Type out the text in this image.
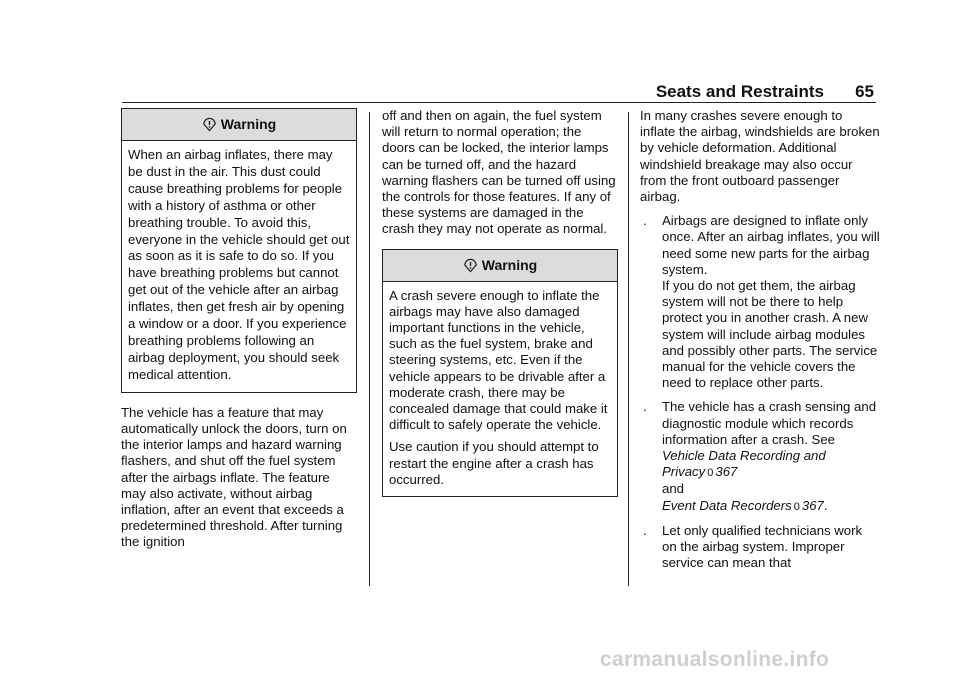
Seats and Restraints 65
Warning

When an airbag inflates, there may be dust in the air. This dust could cause breathing problems for people with a history of asthma or other breathing trouble. To avoid this, everyone in the vehicle should get out as soon as it is safe to do so. If you have breathing problems but cannot get out of the vehicle after an airbag inflates, then get fresh air by opening a window or a door. If you experience breathing problems following an airbag deployment, you should seek medical attention.

The vehicle has a feature that may automatically unlock the doors, turn on the interior lamps and hazard warning flashers, and shut off the fuel system after the airbags inflate. The feature may also activate, without airbag inflation, after an event that exceeds a predetermined threshold. After turning the ignition

off and then on again, the fuel system will return to normal operation; the doors can be locked, the interior lamps can be turned off, and the hazard warning flashers can be turned off using the controls for those features. If any of these systems are damaged in the crash they may not operate as normal.

Warning

A crash severe enough to inflate the airbags may have also damaged important functions in the vehicle, such as the fuel system, brake and steering systems, etc. Even if the vehicle appears to be drivable after a moderate crash, there may be concealed damage that could make it difficult to safely operate the vehicle.

Use caution if you should attempt to restart the engine after a crash has occurred.

In many crashes severe enough to inflate the airbag, windshields are broken by vehicle deformation. Additional windshield breakage may also occur from the front outboard passenger airbag.

. Airbags are designed to inflate only once. After an airbag inflates, you will need some new parts for the airbag system.
If you do not get them, the airbag system will not be there to help protect you in another crash. A new system will include airbag modules and possibly other parts. The service manual for the vehicle covers the need to replace other parts.
. The vehicle has a crash sensing and diagnostic module which records information after a crash. See Vehicle Data Recording and Privacy 0 367
and
Event Data Recorders 0 367.
. Let only qualified technicians work on the airbag system. Improper service can mean that
carmanualsonline.info
